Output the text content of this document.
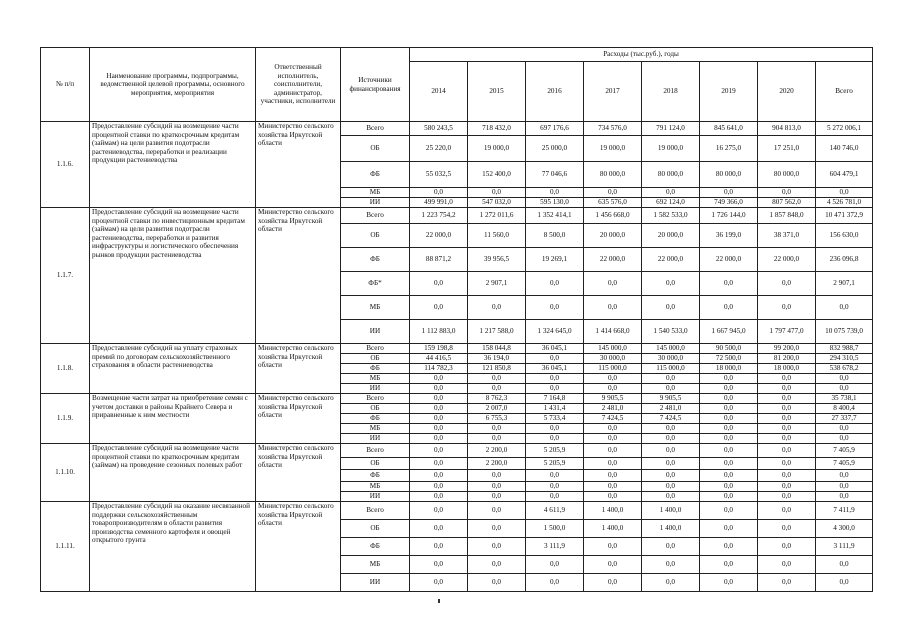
№ п/п	Наименование программы, подпрограммы, ведомственной целевой программы, основного мероприятия, мероприятия	Ответственный исполнитель, соисполнители, администратор, участники, исполнители	Источники финансирования	Расходы (тыс.руб.), годы							
				2014	2015	2016	2017	2018	2019	2020	Всего
1.1.6.	Предоставление субсидий на возмещение части процентной ставки по краткосрочным кредитам (займам) на цели развития подотрасли растениеводства, переработки и реализации продукции растениеводства	Министерство сельского хозяйства Иркутской области	Всего	580 243,5	718 432,0	697 176,6	734 576,0	791 124,0	845 641,0	904 813,0	5 272 006,1
			ОБ	25 220,0	19 000,0	25 000,0	19 000,0	19 000,0	16 275,0	17 251,0	140 746,0
			ФБ	55 032,5	152 400,0	77 046,6	80 000,0	80 000,0	80 000,0	80 000,0	604 479,1
			МБ	0,0	0,0	0,0	0,0	0,0	0,0	0,0	0,0
			ИИ	499 991,0	547 032,0	595 130,0	635 576,0	692 124,0	749 366,0	807 562,0	4 526 781,0
1.1.7.	Предоставление субсидий на возмещение части процентной ставки по инвестиционным кредитам (займам) на цели развития подотрасли растениеводства, переработки и развития инфраструктуры и логистического обеспечения рынков продукции растениеводства	Министерство сельского хозяйства Иркутской области	Всего	1 223 754,2	1 272 011,6	1 352 414,1	1 456 668,0	1 582 533,0	1 726 144,0	1 857 848,0	10 471 372,9
			ОБ	22 000,0	11 560,0	8 500,0	20 000,0	20 000,0	36 199,0	38 371,0	156 630,0
			ФБ	88 871,2	39 956,5	19 269,1	22 000,0	22 000,0	22 000,0	22 000,0	236 096,8
			ФБ*	0,0	2 907,1	0,0	0,0	0,0	0,0	0,0	2 907,1
			МБ	0,0	0,0	0,0	0,0	0,0	0,0	0,0	0,0
			ИИ	1 112 883,0	1 217 588,0	1 324 645,0	1 414 668,0	1 540 533,0	1 667 945,0	1 797 477,0	10 075 739,0
1.1.8.	Предоставление субсидий на уплату страховых премий по договорам сельскохозяйственного страхования в области растениеводства	Министерство сельского хозяйства Иркутской области	Всего	159 198,8	158 044,8	36 045,1	145 000,0	145 000,0	90 500,0	99 200,0	832 988,7
			ОБ	44 416,5	36 194,0	0,0	30 000,0	30 000,0	72 500,0	81 200,0	294 310,5
			ФБ	114 782,3	121 850,8	36 045,1	115 000,0	115 000,0	18 000,0	18 000,0	538 678,2
			МБ	0,0	0,0	0,0	0,0	0,0	0,0	0,0	0,0
			ИИ	0,0	0,0	0,0	0,0	0,0	0,0	0,0	0,0
1.1.9.	Возмещение части затрат на приобретение семян с учетом доставки в районы Крайнего Севера и приравненные к ним местности	Министерство сельского хозяйства Иркутской области	Всего	0,0	8 762,3	7 164,8	9 905,5	9 905,5	0,0	0,0	35 738,1
			ОБ	0,0	2 007,0	1 431,4	2 481,0	2 481,0	0,0	0,0	8 400,4
			ФБ	0,0	6 755,3	5 733,4	7 424,5	7 424,5	0,0	0,0	27 337,7
			МБ	0,0	0,0	0,0	0,0	0,0	0,0	0,0	0,0
			ИИ	0,0	0,0	0,0	0,0	0,0	0,0	0,0	0,0
1.1.10.	Предоставление субсидий на возмещение части процентной ставки по краткосрочным кредитам (займам) на проведение сезонных полевых работ	Министерство сельского хозяйства Иркутской области	Всего	0,0	2 200,0	5 205,9	0,0	0,0	0,0	0,0	7 405,9
			ОБ	0,0	2 200,0	5 205,9	0,0	0,0	0,0	0,0	7 405,9
			ФБ	0,0	0,0	0,0	0,0	0,0	0,0	0,0	0,0
			МБ	0,0	0,0	0,0	0,0	0,0	0,0	0,0	0,0
			ИИ	0,0	0,0	0,0	0,0	0,0	0,0	0,0	0,0
1.1.11.	Предоставление субсидий на оказание несвязанной поддержки сельскохозяйственным товаропроизводителям в области развития производства семенного картофеля и овощей открытого грунта	Министерство сельского хозяйства Иркутской области	Всего	0,0	0,0	4 611,9	1 400,0	1 400,0	0,0	0,0	7 411,9
			ОБ	0,0	0,0	1 500,0	1 400,0	1 400,0	0,0	0,0	4 300,0
			ФБ	0,0	0,0	3 111,9	0,0	0,0	0,0	0,0	3 111,9
			МБ	0,0	0,0	0,0	0,0	0,0	0,0	0,0	0,0
			ИИ	0,0	0,0	0,0	0,0	0,0	0,0	0,0	0,0
